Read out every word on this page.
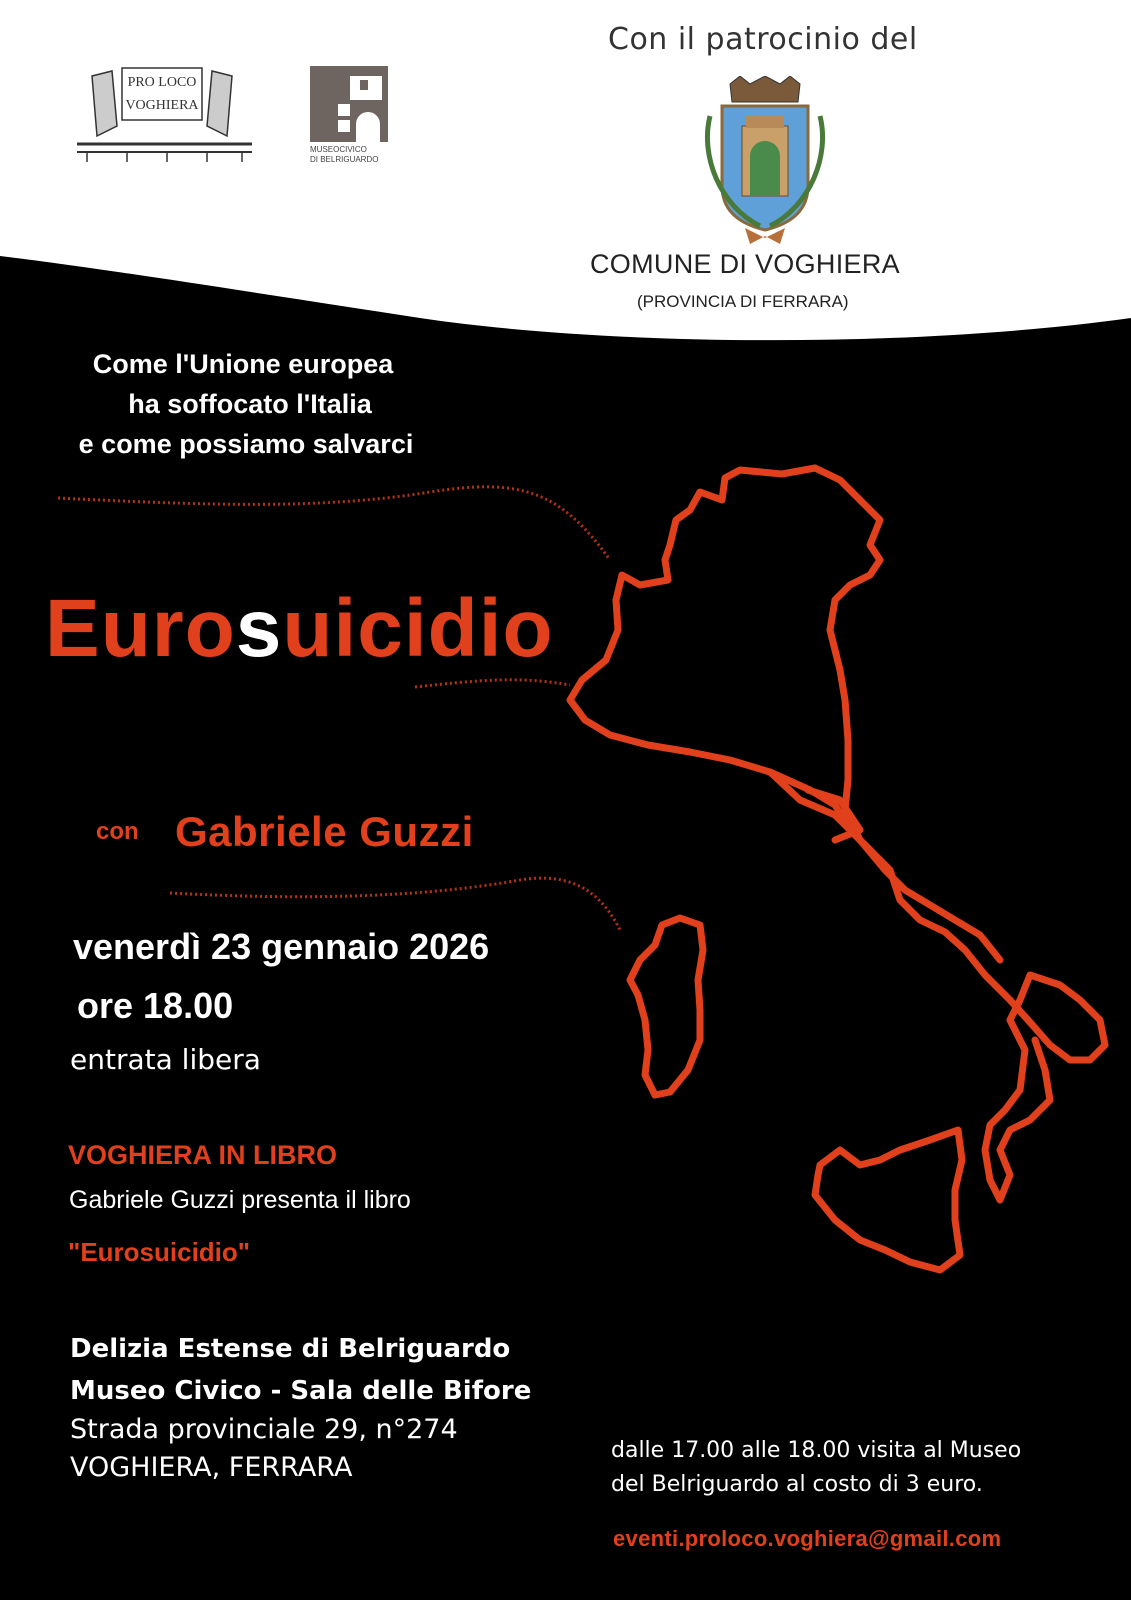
PRO LOCO
VOGHIERA
MUSEOCIVICO
DI BELRIGUARDO
Con il patrocinio del
COMUNE DI VOGHIERA
(PROVINCIA DI FERRARA)
Come l'Unione europea
ha soffocato l'Italia
e come possiamo salvarci
Eurosuicidio
con Gabriele Guzzi
venerdì 23 gennaio 2026
ore 18.00
entrata libera
VOGHIERA IN LIBRO
Gabriele Guzzi presenta il libro
"Eurosuicidio"
Delizia Estense di Belriguardo
Museo Civico - Sala delle Bifore
Strada provinciale 29, n°274
VOGHIERA, FERRARA
dalle 17.00 alle 18.00 visita al Museo
del Belriguardo al costo di 3 euro.
eventi.proloco.voghiera@gmail.com
